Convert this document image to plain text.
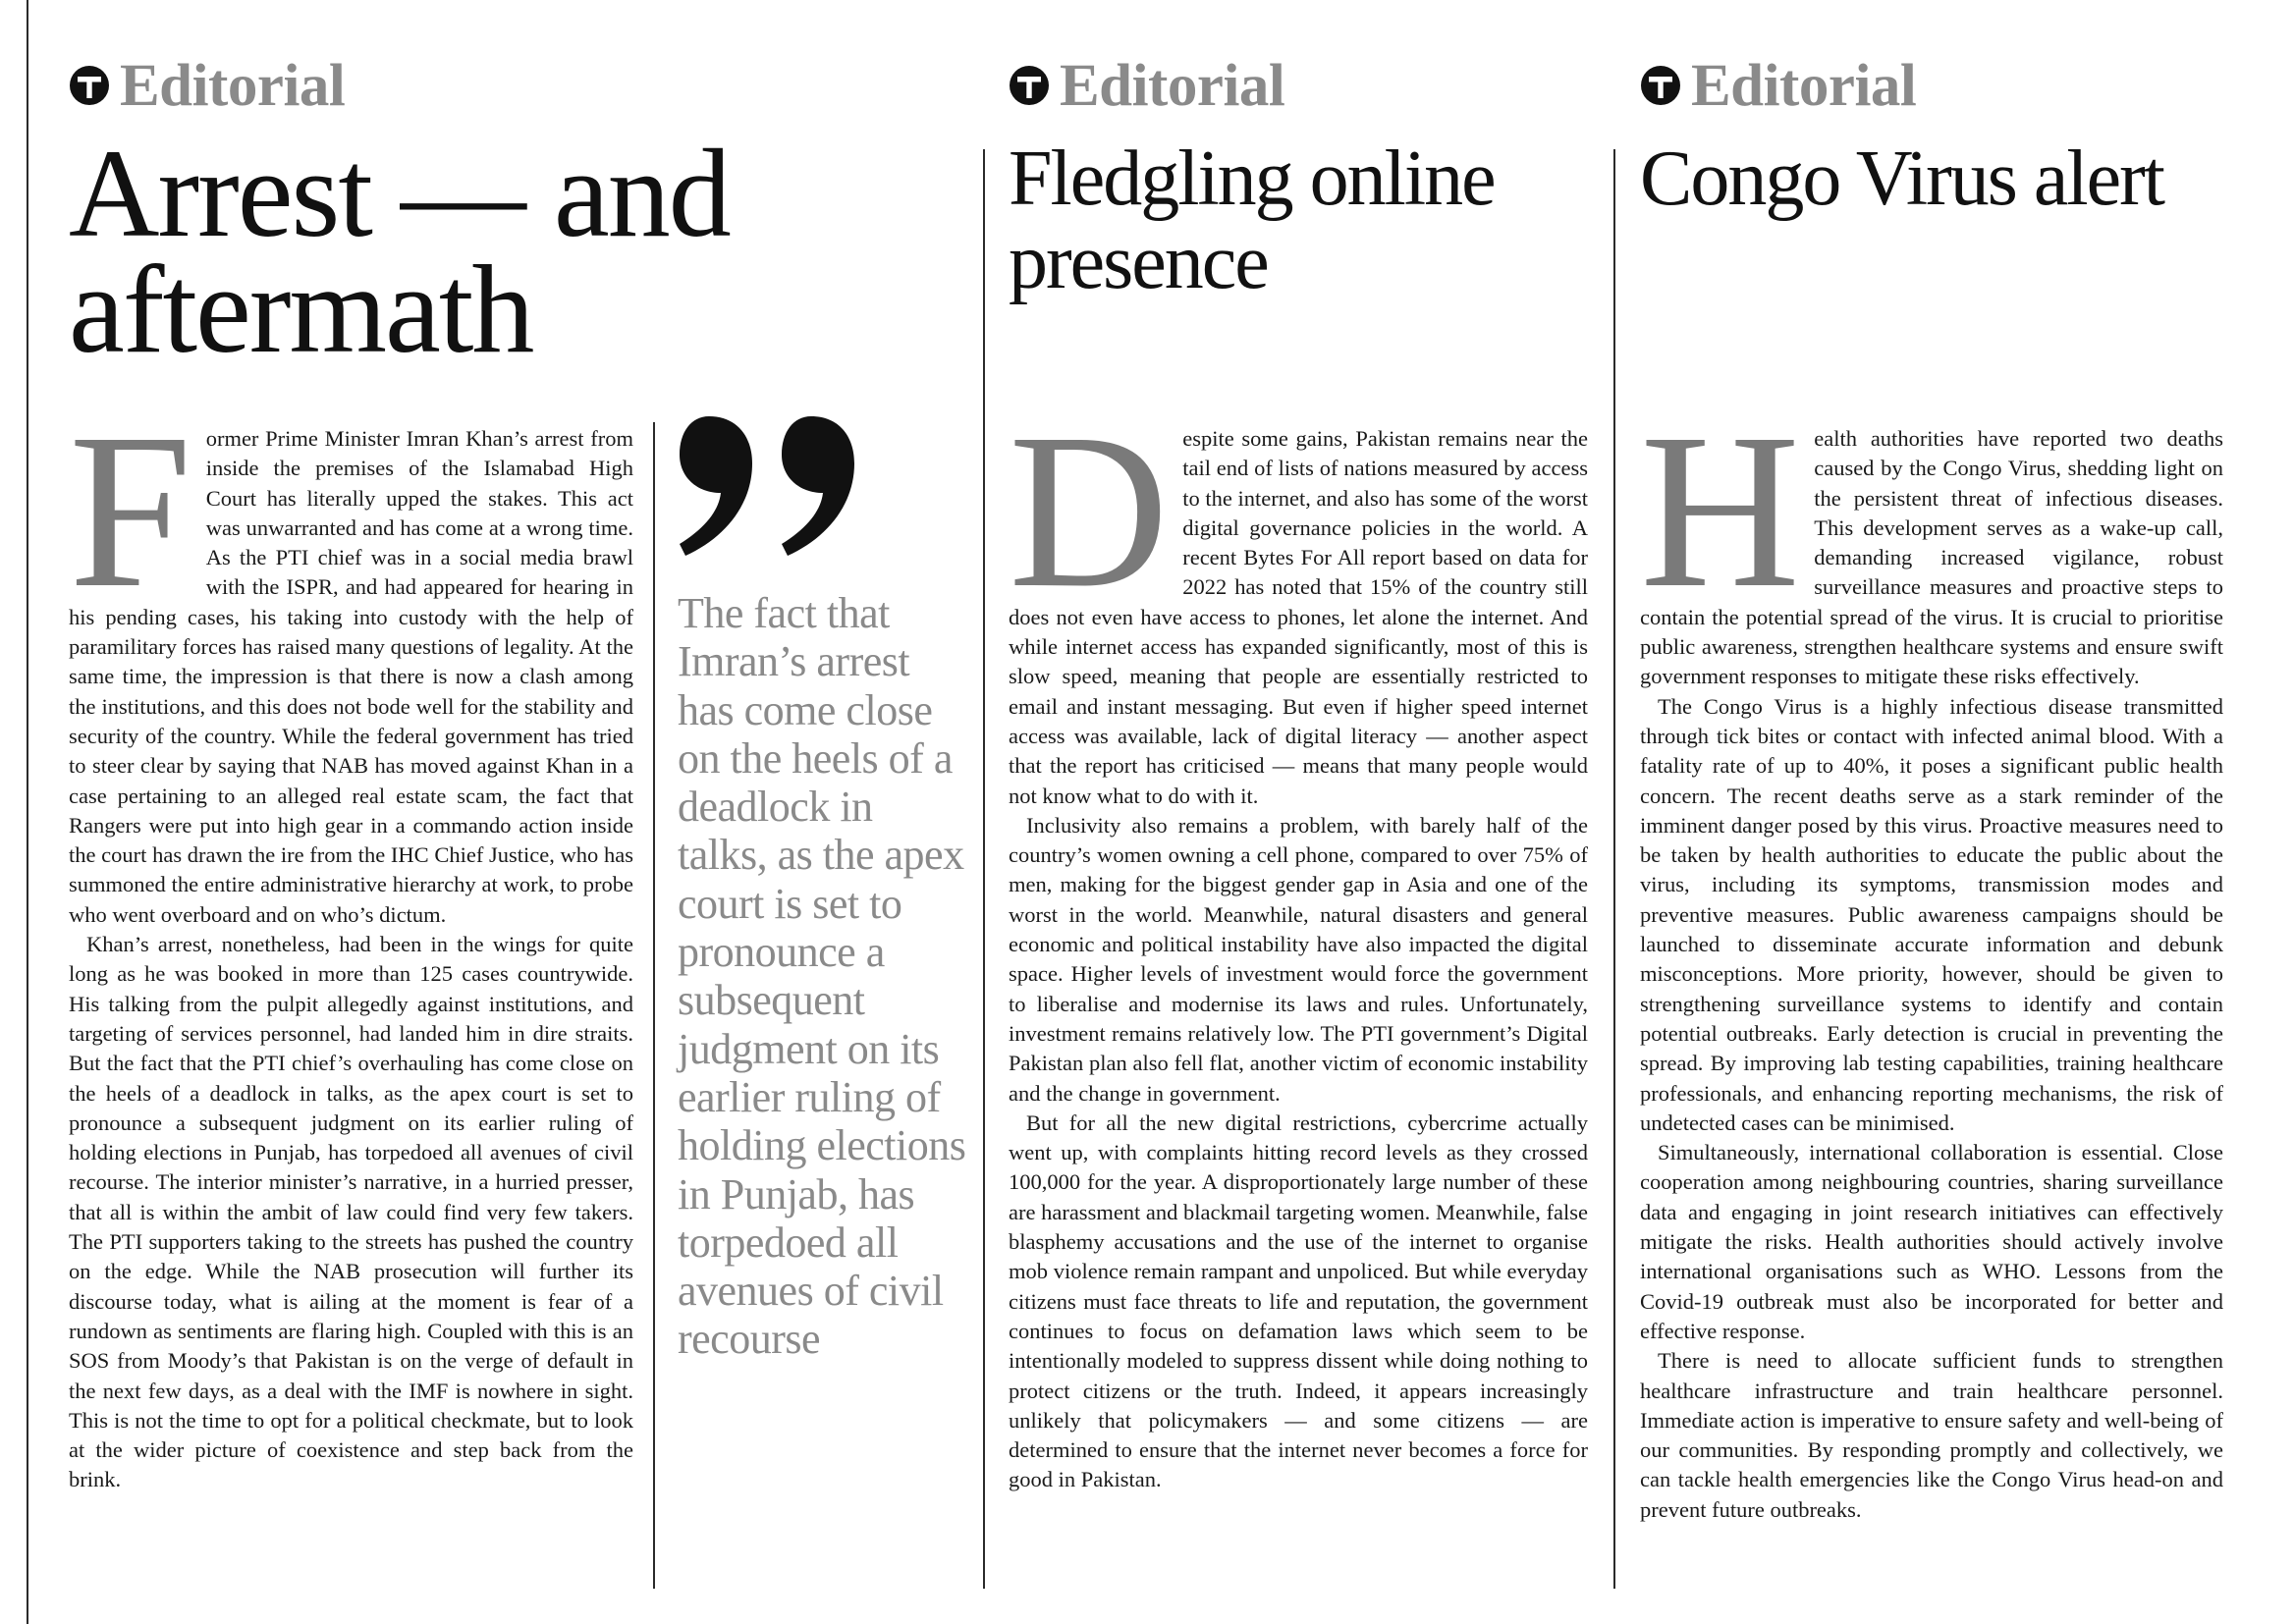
Editorial
Arrest — and aftermath
F ormer Prime Minister Imran Khan’s arrest from inside the premises of the Islamabad High Court has literally upped the stakes. This act was unwarranted and has come at a wrong time. As the PTI chief was in a social media brawl with the ISPR, and had appeared for hearing in his pending cases, his taking into custody with the help of paramilitary forces has raised many questions of legality. At the same time, the impression is that there is now a clash among the institutions, and this does not bode well for the stability and security of the country. While the federal government has tried to steer clear by saying that NAB has moved against Khan in a case pertaining to an alleged real estate scam, the fact that Rangers were put into high gear in a commando action inside the court has drawn the ire from the IHC Chief Justice, who has summoned the entire administrative hierarchy at work, to probe who went overboard and on who’s dictum.

Khan’s arrest, nonetheless, had been in the wings for quite long as he was booked in more than 125 cases countrywide. His talking from the pulpit allegedly against institutions, and targeting of services personnel, had landed him in dire straits. But the fact that the PTI chief’s overhauling has come close on the heels of a deadlock in talks, as the apex court is set to pronounce a subsequent judgment on its earlier ruling of holding elections in Punjab, has torpedoed all avenues of civil recourse. The interior minister’s narrative, in a hurried presser, that all is within the ambit of law could find very few takers. The PTI supporters taking to the streets has pushed the country on the edge. While the NAB prosecution will further its discourse today, what is ailing at the moment is fear of a rundown as sentiments are flaring high. Coupled with this is an SOS from Moody’s that Pakistan is on the verge of default in the next few days, as a deal with the IMF is nowhere in sight. This is not the time to opt for a political checkmate, but to look at the wider picture of coexistence and step back from the brink.

The fact that Imran’s arrest has come close on the heels of a deadlock in talks, as the apex court is set to pronounce a subsequent judgment on its earlier ruling of holding elections in Punjab, has torpedoed all avenues of civil recourse
Editorial
Fledgling online presence
D espite some gains, Pakistan remains near the tail end of lists of nations measured by access to the internet, and also has some of the worst digital governance policies in the world. A recent Bytes For All report based on data for 2022 has noted that 15% of the country still does not even have access to phones, let alone the internet. And while internet access has expanded significantly, most of this is slow speed, meaning that people are essentially restricted to email and instant messaging. But even if higher speed internet access was available, lack of digital literacy — another aspect that the report has criticised — means that many people would not know what to do with it.

Inclusivity also remains a problem, with barely half of the country’s women owning a cell phone, compared to over 75% of men, making for the biggest gender gap in Asia and one of the worst in the world. Meanwhile, natural disasters and general economic and political instability have also impacted the digital space. Higher levels of investment would force the government to liberalise and modernise its laws and rules. Unfortunately, investment remains relatively low. The PTI government’s Digital Pakistan plan also fell flat, another victim of economic instability and the change in government.

But for all the new digital restrictions, cybercrime actually went up, with complaints hitting record levels as they crossed 100,000 for the year. A disproportionately large number of these are harassment and blackmail targeting women. Meanwhile, false blasphemy accusations and the use of the internet to organise mob violence remain rampant and unpoliced. But while everyday citizens must face threats to life and reputation, the government continues to focus on defamation laws which seem to be intentionally modeled to suppress dissent while doing nothing to protect citizens or the truth. Indeed, it appears increasingly unlikely that policymakers — and some citizens — are determined to ensure that the internet never becomes a force for good in Pakistan.

Editorial
Congo Virus alert
H ealth authorities have reported two deaths caused by the Congo Virus, shedding light on the persistent threat of infectious diseases. This development serves as a wake-up call, demanding increased vigilance, robust surveillance measures and proactive steps to contain the potential spread of the virus. It is crucial to prioritise public awareness, strengthen healthcare systems and ensure swift government responses to mitigate these risks effectively.

The Congo Virus is a highly infectious disease transmitted through tick bites or contact with infected animal blood. With a fatality rate of up to 40%, it poses a significant public health concern. The recent deaths serve as a stark reminder of the imminent danger posed by this virus. Proactive measures need to be taken by health authorities to educate the public about the virus, including its symptoms, transmission modes and preventive measures. Public awareness campaigns should be launched to disseminate accurate information and debunk misconceptions. More priority, however, should be given to strengthening surveillance systems to identify and contain potential outbreaks. Early detection is crucial in preventing the spread. By improving lab testing capabilities, training healthcare professionals, and enhancing reporting mechanisms, the risk of undetected cases can be minimised.

Simultaneously, international collaboration is essential. Close cooperation among neighbouring countries, sharing surveillance data and engaging in joint research initiatives can effectively mitigate the risks. Health authorities should actively involve international organisations such as WHO. Lessons from the Covid-19 outbreak must also be incorporated for better and effective response.

There is need to allocate sufficient funds to strengthen healthcare infrastructure and train healthcare personnel. Immediate action is imperative to ensure safety and well-being of our communities. By responding promptly and collectively, we can tackle health emergencies like the Congo Virus head-on and prevent future outbreaks.
